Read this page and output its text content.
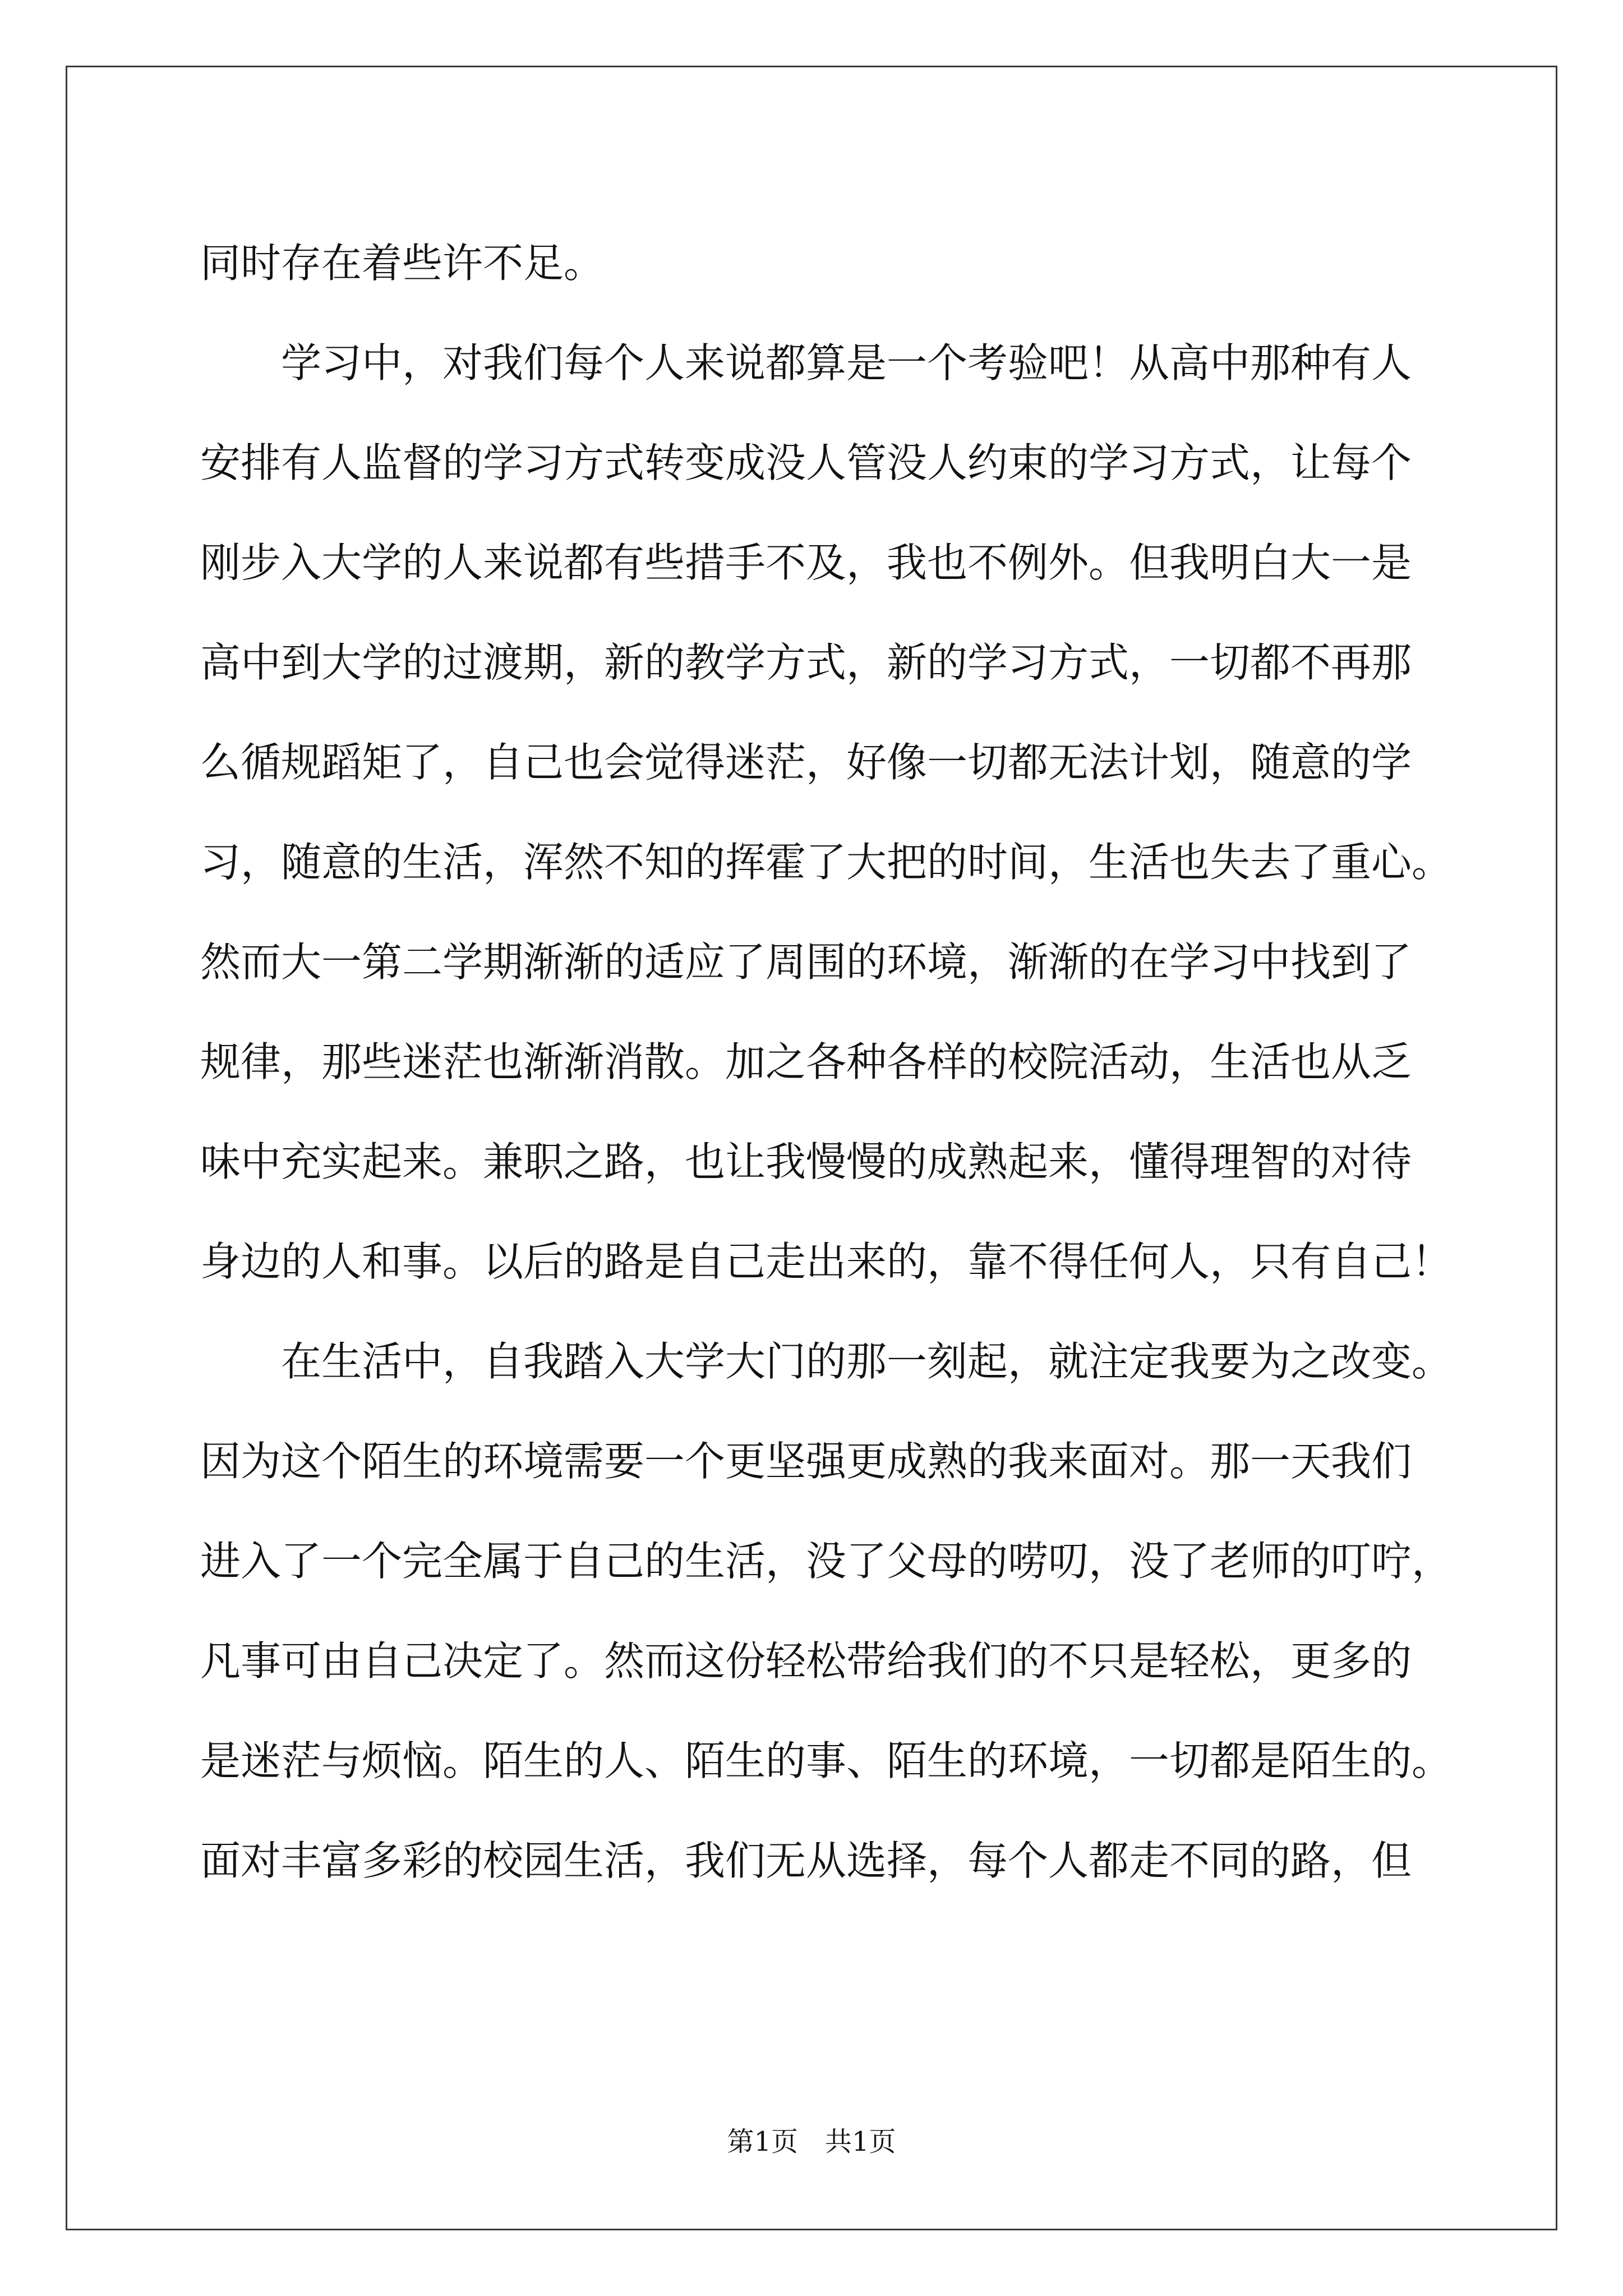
同时存在着些许不足。
　　学习中，对我们每个人来说都算是一个考验吧！从高中那种有人
安排有人监督的学习方式转变成没人管没人约束的学习方式，让每个
刚步入大学的人来说都有些措手不及，我也不例外。但我明白大一是
高中到大学的过渡期，新的教学方式，新的学习方式，一切都不再那
么循规蹈矩了，自己也会觉得迷茫，好像一切都无法计划，随意的学
习，随意的生活，浑然不知的挥霍了大把的时间，生活也失去了重心。
然而大一第二学期渐渐的适应了周围的环境，渐渐的在学习中找到了
规律，那些迷茫也渐渐消散。加之各种各样的校院活动，生活也从乏
味中充实起来。兼职之路，也让我慢慢的成熟起来，懂得理智的对待
身边的人和事。以后的路是自己走出来的，靠不得任何人，只有自己！
　　在生活中，自我踏入大学大门的那一刻起，就注定我要为之改变。
因为这个陌生的环境需要一个更坚强更成熟的我来面对。那一天我们
进入了一个完全属于自己的生活，没了父母的唠叨，没了老师的叮咛，
凡事可由自己决定了。然而这份轻松带给我们的不只是轻松，更多的
是迷茫与烦恼。陌生的人、陌生的事、陌生的环境，一切都是陌生的。
面对丰富多彩的校园生活，我们无从选择，每个人都走不同的路，但
第1页 共1页
